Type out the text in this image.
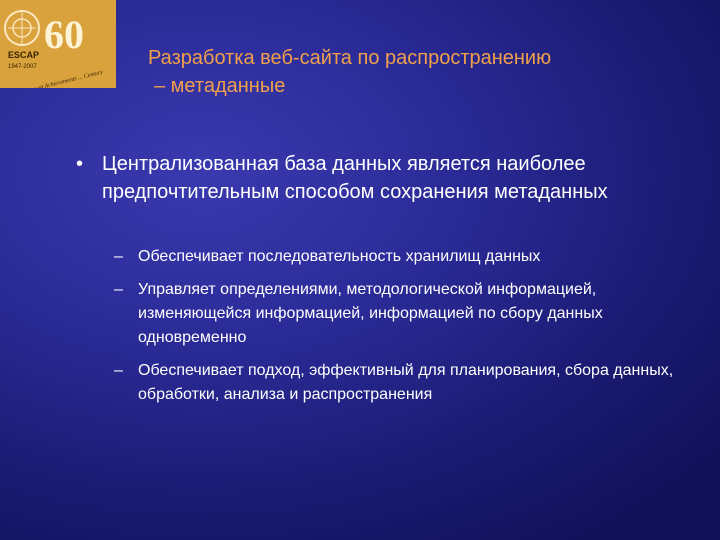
60
ESCAP
1947-2007	Разработка веб-сайта по распространению
– метаданные
• Централизованная база данных является наиболее предпочтительным способом сохранения метаданных
– Обеспечивает последовательность хранилищ данных
– Управляет определениями, методологической информацией, изменяющейся информацией, информацией по сбору данных одновременно
– Обеспечивает подход, эффективный для планирования, сбора данных, обработки, анализа и распространения
